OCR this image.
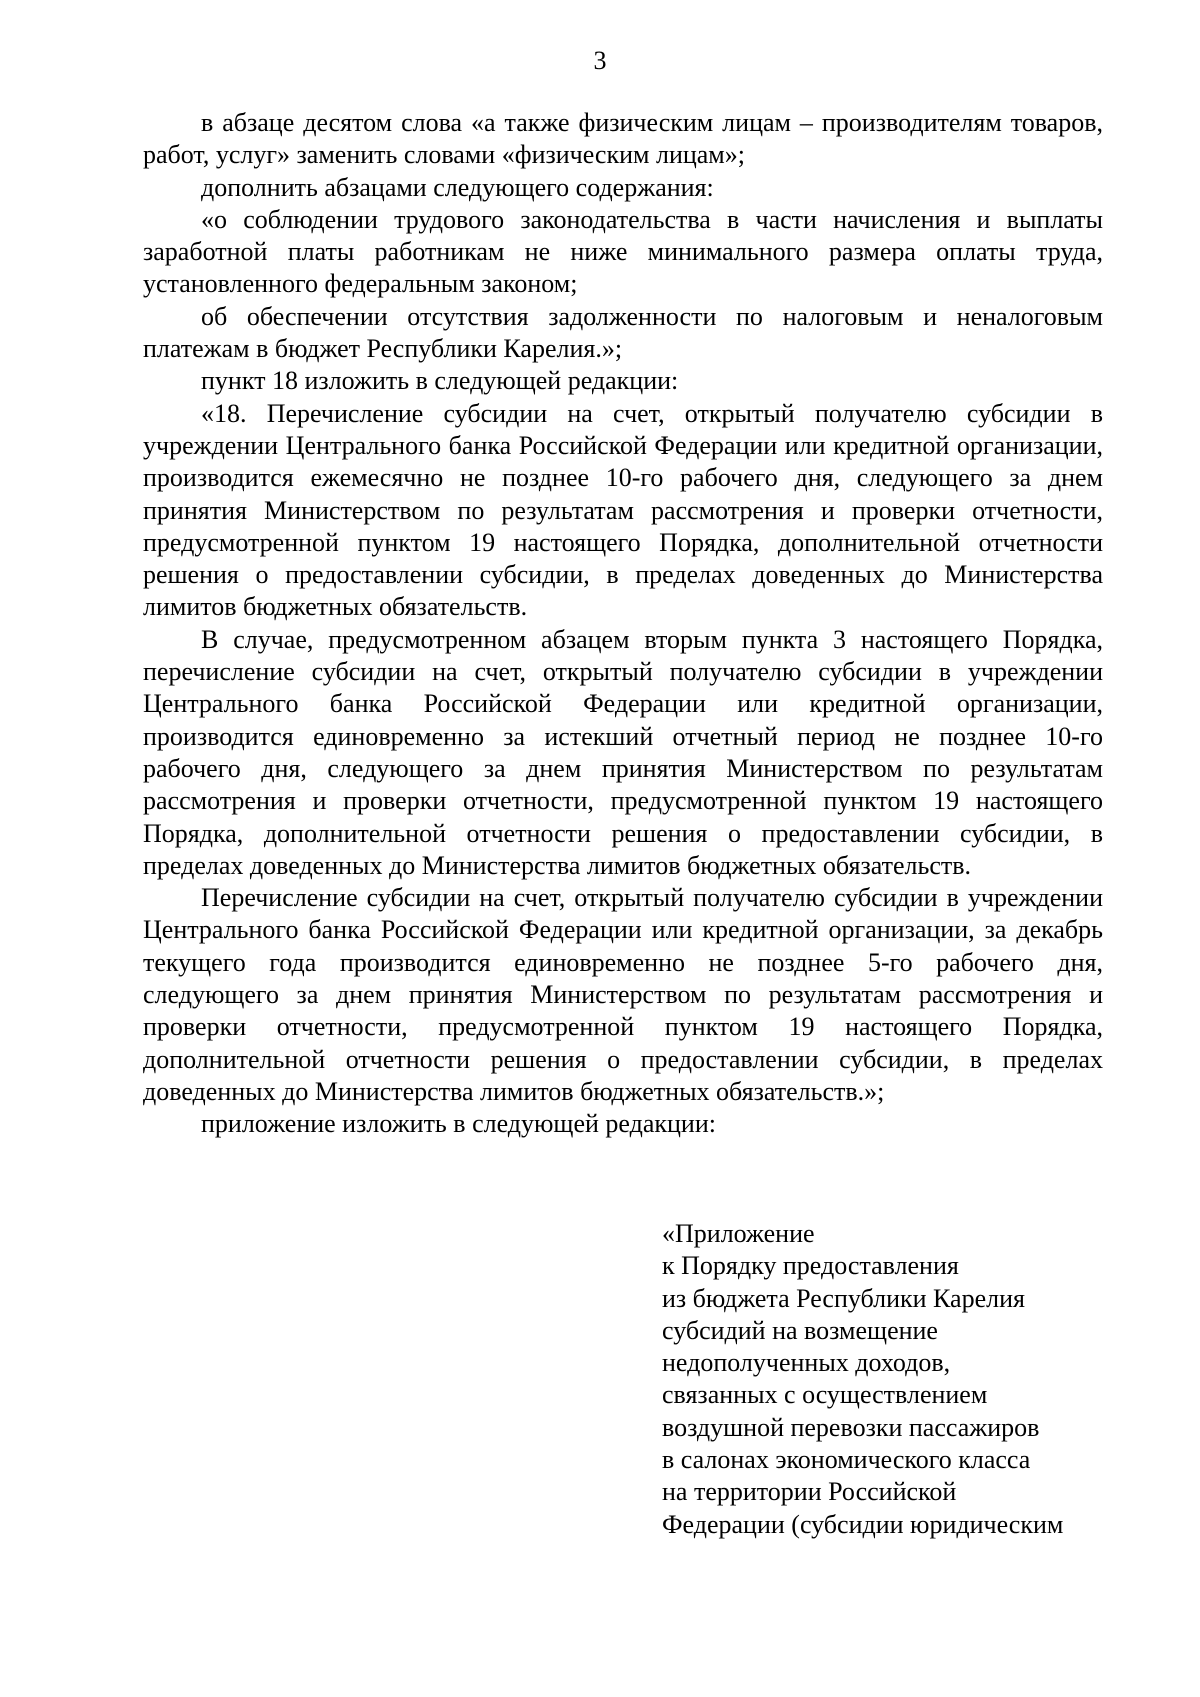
3

в абзаце десятом слова «а также физическим лицам – производителям товаров, работ, услуг» заменить словами «физическим лицам»;

дополнить абзацами следующего содержания:

«о соблюдении трудового законодательства в части начисления и выплаты заработной платы работникам не ниже минимального размера оплаты труда, установленного федеральным законом;

об обеспечении отсутствия задолженности по налоговым и неналоговым платежам в бюджет Республики Карелия.»;

пункт 18 изложить в следующей редакции:

«18. Перечисление субсидии на счет, открытый получателю субсидии в учреждении Центрального банка Российской Федерации или кредитной организации, производится ежемесячно не позднее 10-го рабочего дня, следующего за днем принятия Министерством по результатам рассмотрения и проверки отчетности, предусмотренной пунктом 19 настоящего Порядка, дополнительной отчетности решения о предоставлении субсидии, в пределах доведенных до Министерства лимитов бюджетных обязательств.

В случае, предусмотренном абзацем вторым пункта 3 настоящего Порядка, перечисление субсидии на счет, открытый получателю субсидии в учреждении Центрального банка Российской Федерации или кредитной организации, производится единовременно за истекший отчетный период не позднее 10-го рабочего дня, следующего за днем принятия Министерством по результатам рассмотрения и проверки отчетности, предусмотренной пунктом 19 настоящего Порядка, дополнительной отчетности решения о предоставлении субсидии, в пределах доведенных до Министерства лимитов бюджетных обязательств.

Перечисление субсидии на счет, открытый получателю субсидии в учреждении Центрального банка Российской Федерации или кредитной организации, за декабрь текущего года производится единовременно не позднее 5-го рабочего дня, следующего за днем принятия Министерством по результатам рассмотрения и проверки отчетности, предусмотренной пунктом 19 настоящего Порядка, дополнительной отчетности решения о предоставлении субсидии, в пределах доведенных до Министерства лимитов бюджетных обязательств.»;

приложение изложить в следующей редакции:

«Приложение
к Порядку предоставления
из бюджета Республики Карелия
субсидий на возмещение
недополученных доходов,
связанных с осуществлением
воздушной перевозки пассажиров
в салонах экономического класса
на территории Российской
Федерации (субсидии юридическим
